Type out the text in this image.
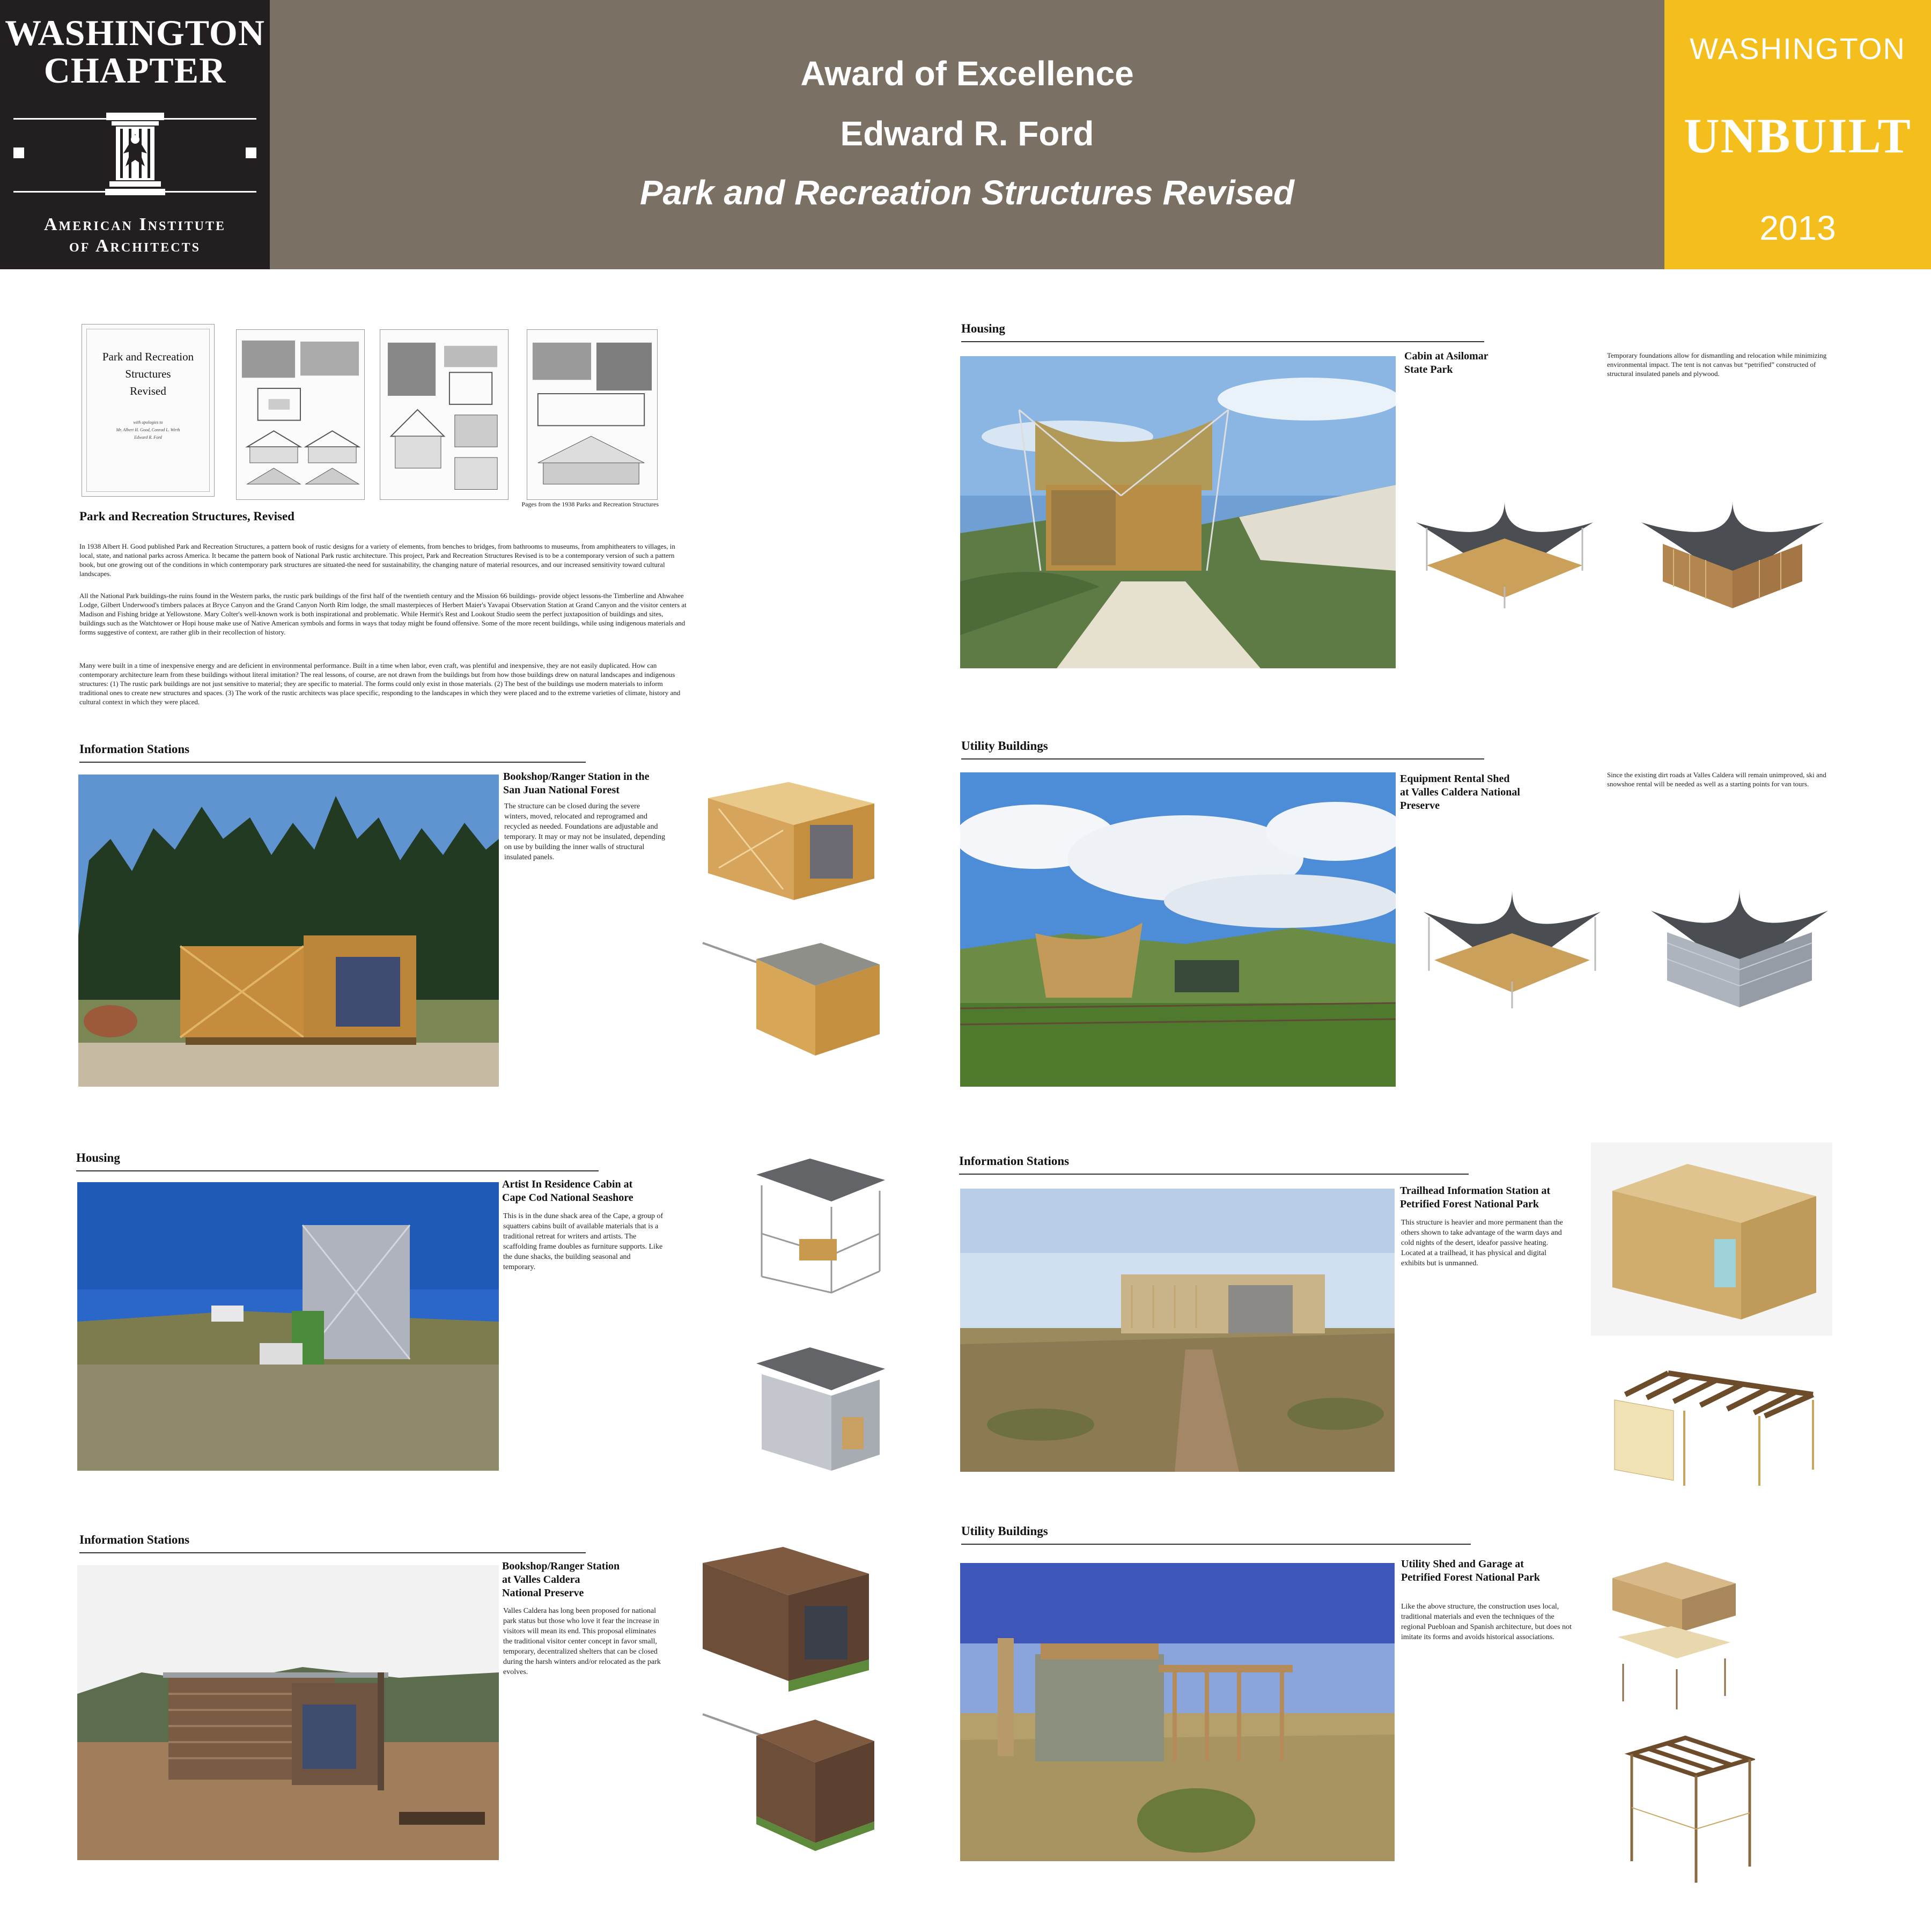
WASHINGTON
CHAPTER
American Institute
of Architects
Award of Excellence
Edward R. Ford
Park and Recreation Structures Revised
WASHINGTON
UNBUILT
2013
Park and Recreation
Structures
Revised
with apologies to
Mr. Albert H. Good, Conrad L. Wirth
Edward R. Ford
Pages from the 1938 Parks and Recreation Structures
Park and Recreation Structures, Revised
In 1938 Albert H. Good published Park and Recreation Structures, a pattern book of rustic designs for a variety of elements, from benches to bridges, from bathrooms to museums, from amphitheaters to villages, in local, state, and national parks across America. It became the pattern book of National Park rustic architecture. This project, Park and Recreation Structures Revised is to be a contemporary version of such a pattern book, but one growing out of the conditions in which contemporary park structures are situated-the need for sustainability, the changing nature of material resources, and our increased sensitivity toward cultural landscapes.
All the National Park buildings-the ruins found in the Western parks, the rustic park buildings of the first half of the twentieth century and the Mission 66 buildings- provide object lessons-the Timberline and Ahwahee Lodge, Gilbert Underwood's timbers palaces at Bryce Canyon and the Grand Canyon North Rim lodge, the small masterpieces of Herbert Maier's Yavapai Observation Station at Grand Canyon and the visitor centers at Madison and Fishing bridge at Yellowstone. Mary Colter's well-known work is both inspirational and problematic. While Hermit's Rest and Lookout Studio seem the perfect juxtaposition of buildings and sites, buildings such as the Watchtower or Hopi house make use of Native American symbols and forms in ways that today might be found offensive. Some of the more recent buildings, while using indigenous materials and forms suggestive of context, are rather glib in their recollection of history.
Many were built in a time of inexpensive energy and are deficient in environmental performance. Built in a time when labor, even craft, was plentiful and inexpensive, they are not easily duplicated. How can contemporary architecture learn from these buildings without literal imitation? The real lessons, of course, are not drawn from the buildings but from how those buildings drew on natural landscapes and indigenous structures: (1) The rustic park buildings are not just sensitive to material; they are specific to material. The forms could only exist in those materials. (2) The best of the buildings use modern materials to inform traditional ones to create new structures and spaces. (3) The work of the rustic architects was place specific, responding to the landscapes in which they were placed and to the extreme varieties of climate, history and cultural context in which they were placed.
Housing
Cabin at Asilomar
State Park
Temporary foundations allow for dismantling and relocation while minimizing environmental impact. The tent is not canvas but “petrified” constructed of structural insulated panels and plywood.
Information Stations
Bookshop/Ranger Station in the
San Juan National Forest
The structure can be closed during the severe winters, moved, relocated and reprogramed and recycled as needed. Foundations are adjustable and temporary. It may or may not be insulated, depending on use by building the inner walls of structural insulated panels.
Utility Buildings
Equipment Rental Shed
at Valles Caldera National
Preserve
Since the existing dirt roads at Valles Caldera will remain unimproved, ski and snowshoe rental will be needed as well as a starting points for van tours.
Housing
Artist In Residence Cabin at
Cape Cod National Seashore
This is in the dune shack area of the Cape, a group of squatters cabins built of available materials that is a traditional retreat for writers and artists. The scaffolding frame doubles as furniture supports. Like the dune shacks, the building seasonal and temporary.
Information Stations
Trailhead Information Station at
Petrified Forest National Park
This structure is heavier and more permanent than the others shown to take advantage of the warm days and cold nights of the desert, ideafor passive heating. Located at a trailhead, it has physical and digital exhibits but is unmanned.
Information Stations
Bookshop/Ranger Station
at Valles Caldera
National Preserve
Valles Caldera has long been proposed for national park status but those who love it fear the increase in visitors will mean its end. This proposal eliminates the traditional visitor center concept in favor small, temporary, decentralized shelters that can be closed during the harsh winters and/or relocated as the park evolves.
Utility Buildings
Utility Shed and Garage at
Petrified Forest National Park
Like the above structure, the construction uses local, traditional materials and even the techniques of the regional Puebloan and Spanish architecture, but does not imitate its forms and avoids historical associations.
